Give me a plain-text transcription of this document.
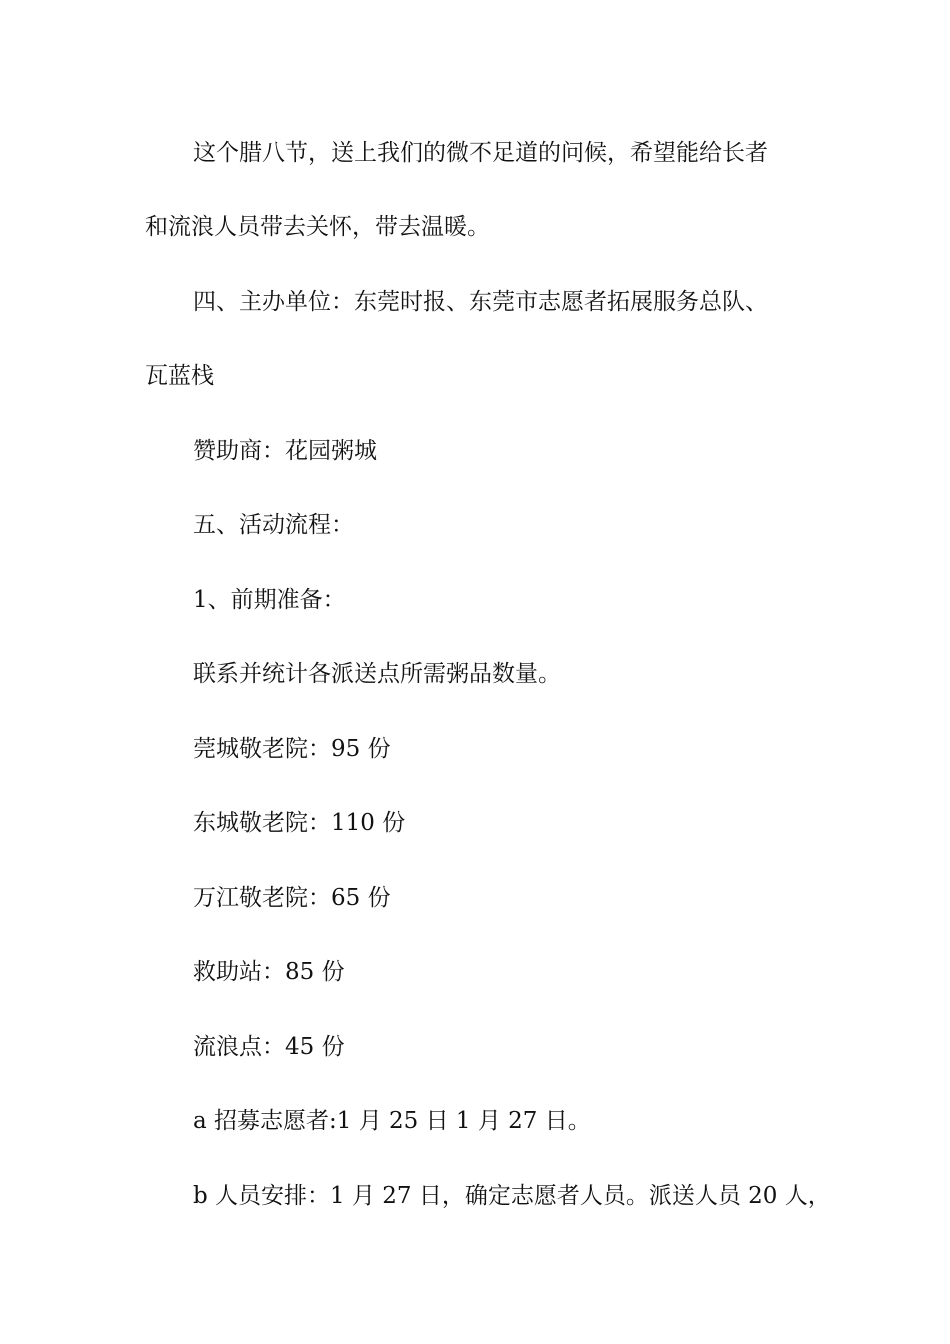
这个腊八节，送上我们的微不足道的问候，希望能给长者
和流浪人员带去关怀，带去温暖。
四、主办单位：东莞时报、东莞市志愿者拓展服务总队、
瓦蓝栈
赞助商：花园粥城
五、活动流程：
1、前期准备：
联系并统计各派送点所需粥品数量。
莞城敬老院：95 份
东城敬老院：110 份
万江敬老院：65 份
救助站：85 份
流浪点：45 份
a 招募志愿者:1 月 25 日 1 月 27 日。
b 人员安排：1 月 27 日，确定志愿者人员。派送人员 20 人，
